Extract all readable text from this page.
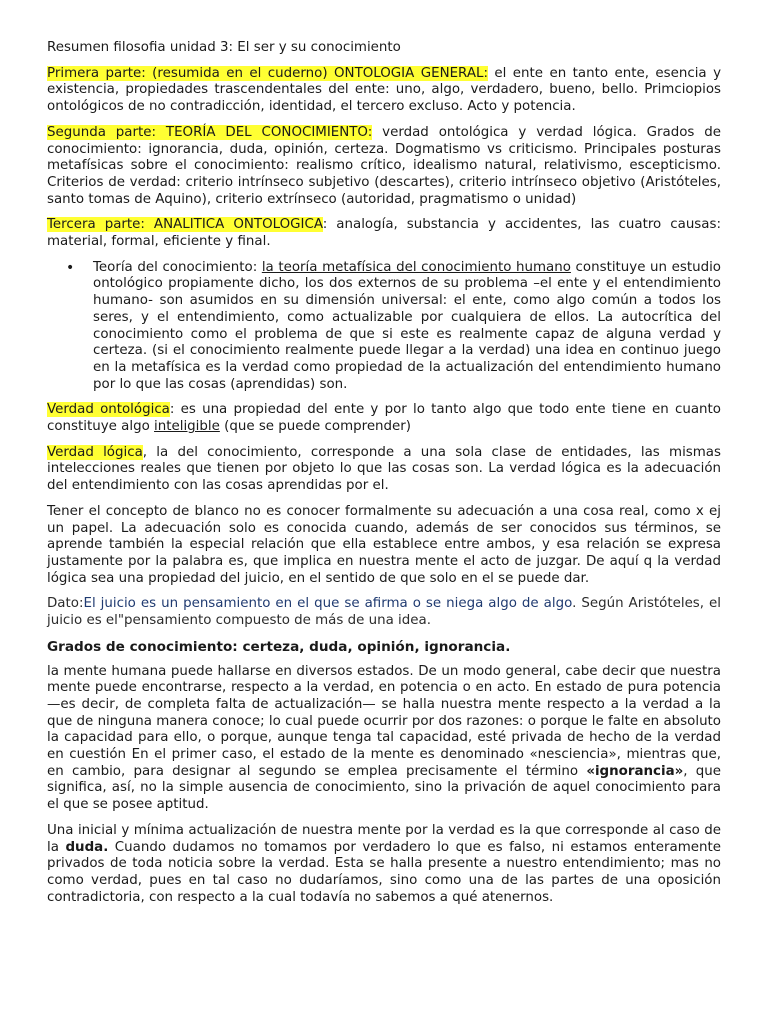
Resumen filosofia unidad 3: El ser y su conocimiento

Primera parte: (resumida en el cuderno) ONTOLOGIA GENERAL: el ente en tanto ente, esencia y existencia, propiedades trascendentales del ente: uno, algo, verdadero, bueno, bello. Primciopios ontológicos de no contradicción, identidad, el tercero excluso. Acto y potencia.

Segunda parte: TEORÍA DEL CONOCIMIENTO: verdad ontológica y verdad lógica. Grados de conocimiento: ignorancia, duda, opinión, certeza. Dogmatismo vs criticismo. Principales posturas metafísicas sobre el conocimiento: realismo crítico, idealismo natural, relativismo, escepticismo. Criterios de verdad: criterio intrínseco subjetivo (descartes), criterio intrínseco objetivo (Aristóteles, santo tomas de Aquino), criterio extrínseco (autoridad, pragmatismo o unidad)

Tercera parte: ANALITICA ONTOLOGICA: analogía, substancia y accidentes, las cuatro causas: material, formal, eficiente y final.

• Teoría del conocimiento: la teoría metafísica del conocimiento humano constituye un estudio ontológico propiamente dicho, los dos externos de su problema –el ente y el entendimiento humano- son asumidos en su dimensión universal: el ente, como algo común a todos los seres, y el entendimiento, como actualizable por cualquiera de ellos. La autocrítica del conocimiento como el problema de que si este es realmente capaz de alguna verdad y certeza. (si el conocimiento realmente puede llegar a la verdad) una idea en continuo juego en la metafísica es la verdad como propiedad de la actualización del entendimiento humano por lo que las cosas (aprendidas) son.

Verdad ontológica: es una propiedad del ente y por lo tanto algo que todo ente tiene en cuanto constituye algo inteligible (que se puede comprender)

Verdad lógica, la del conocimiento, corresponde a una sola clase de entidades, las mismas intelecciones reales que tienen por objeto lo que las cosas son. La verdad lógica es la adecuación del entendimiento con las cosas aprendidas por el.

Tener el concepto de blanco no es conocer formalmente su adecuación a una cosa real, como x ej un papel. La adecuación solo es conocida cuando, además de ser conocidos sus términos, se aprende también la especial relación que ella establece entre ambos, y esa relación se expresa justamente por la palabra es, que implica en nuestra mente el acto de juzgar. De aquí q la verdad lógica sea una propiedad del juicio, en el sentido de que solo en el se puede dar.

Dato:El juicio es un pensamiento en el que se afirma o se niega algo de algo. Según Aristóteles, el juicio es el"pensamiento compuesto de más de una idea.

Grados de conocimiento: certeza, duda, opinión, ignorancia.

la mente humana puede hallarse en diversos estados. De un modo general, cabe decir que nuestra mente puede encontrarse, respecto a la verdad, en potencia o en acto. En estado de pura potencia —es decir, de completa falta de actualización— se halla nuestra mente respecto a la verdad a la que de ninguna manera conoce; lo cual puede ocurrir por dos razones: o porque le falte en absoluto la capacidad para ello, o porque, aunque tenga tal capacidad, esté privada de hecho de la verdad en cuestión En el primer caso, el estado de la mente es denominado «nesciencia», mientras que, en cambio, para designar al segundo se emplea precisamente el término «ignorancia», que significa, así, no la simple ausencia de conocimiento, sino la privación de aquel conocimiento para el que se posee aptitud.

Una inicial y mínima actualización de nuestra mente por la verdad es la que corresponde al caso de la duda. Cuando dudamos no tomamos por verdadero lo que es falso, ni estamos enteramente privados de toda noticia sobre la verdad. Esta se halla presente a nuestro entendimiento; mas no como verdad, pues en tal caso no dudaríamos, sino como una de las partes de una oposición contradictoria, con respecto a la cual todavía no sabemos a qué atenernos.
